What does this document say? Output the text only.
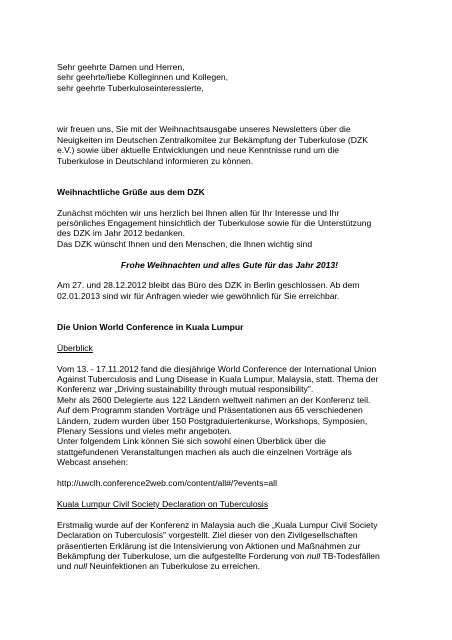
Sehr geehrte Damen und Herren,
sehr geehrte/liebe Kolleginnen und Kollegen,
sehr geehrte Tuberkuloseinteressierte,
wir freuen uns, Sie mit der Weihnachtsausgabe unseres Newsletters über die
Neuigkeiten im Deutschen Zentralkomitee zur Bekämpfung der Tuberkulose (DZK
e.V.) sowie über aktuelle Entwicklungen und neue Kenntnisse rund um die
Tuberkulose in Deutschland informieren zu können.

Weihnachtliche Grüße aus dem DZK

Zunächst möchten wir uns herzlich bei Ihnen allen für Ihr Interesse und Ihr
persönliches Engagement hinsichtlich der Tuberkulose sowie für die Unterstützung
des DZK im Jahr 2012 bedanken.
Das DZK wünscht Ihnen und den Menschen, die Ihnen wichtig sind

Frohe Weihnachten und alles Gute für das Jahr 2013!

Am 27. und 28.12.2012 bleibt das Büro des DZK in Berlin geschlossen. Ab dem
02.01.2013 sind wir für Anfragen wieder wie gewöhnlich für Sie erreichbar.

Die Union World Conference in Kuala Lumpur

Überblick

Vom 13. - 17.11.2012 fand die diesjährige World Conference der International Union
Against Tuberculosis and Lung Disease in Kuala Lumpur, Malaysia, statt. Thema der
Konferenz war „Driving sustainability through mutual responsibility".
Mehr als 2600 Delegierte aus 122 Ländern weltweit nahmen an der Konferenz teil.
Auf dem Programm standen Vorträge und Präsentationen aus 65 verschiedenen
Ländern, zudem wurden über 150 Postgraduiertenkurse, Workshops, Symposien,
Plenary Sessions und vieles mehr angeboten.
Unter folgendem Link können Sie sich sowohl einen Überblick über die
stattgefundenen Veranstaltungen machen als auch die einzelnen Vorträge als
Webcast ansehen:

http://uwclh.conference2web.com/content/all#/?events=all

Kuala Lumpur Civil Society Declaration on Tuberculosis

Erstmalig wurde auf der Konferenz in Malaysia auch die „Kuala Lumpur Civil Society
Declaration on Tuberculosis" vorgestellt. Ziel dieser von den Zivilgesellschaften
präsentierten Erklärung ist die Intensivierung von Aktionen und Maßnahmen zur
Bekämpfung der Tuberkulose, um die aufgestellte Forderung von null TB-Todesfällen
und null Neuinfektionen an Tuberkulose zu erreichen.
